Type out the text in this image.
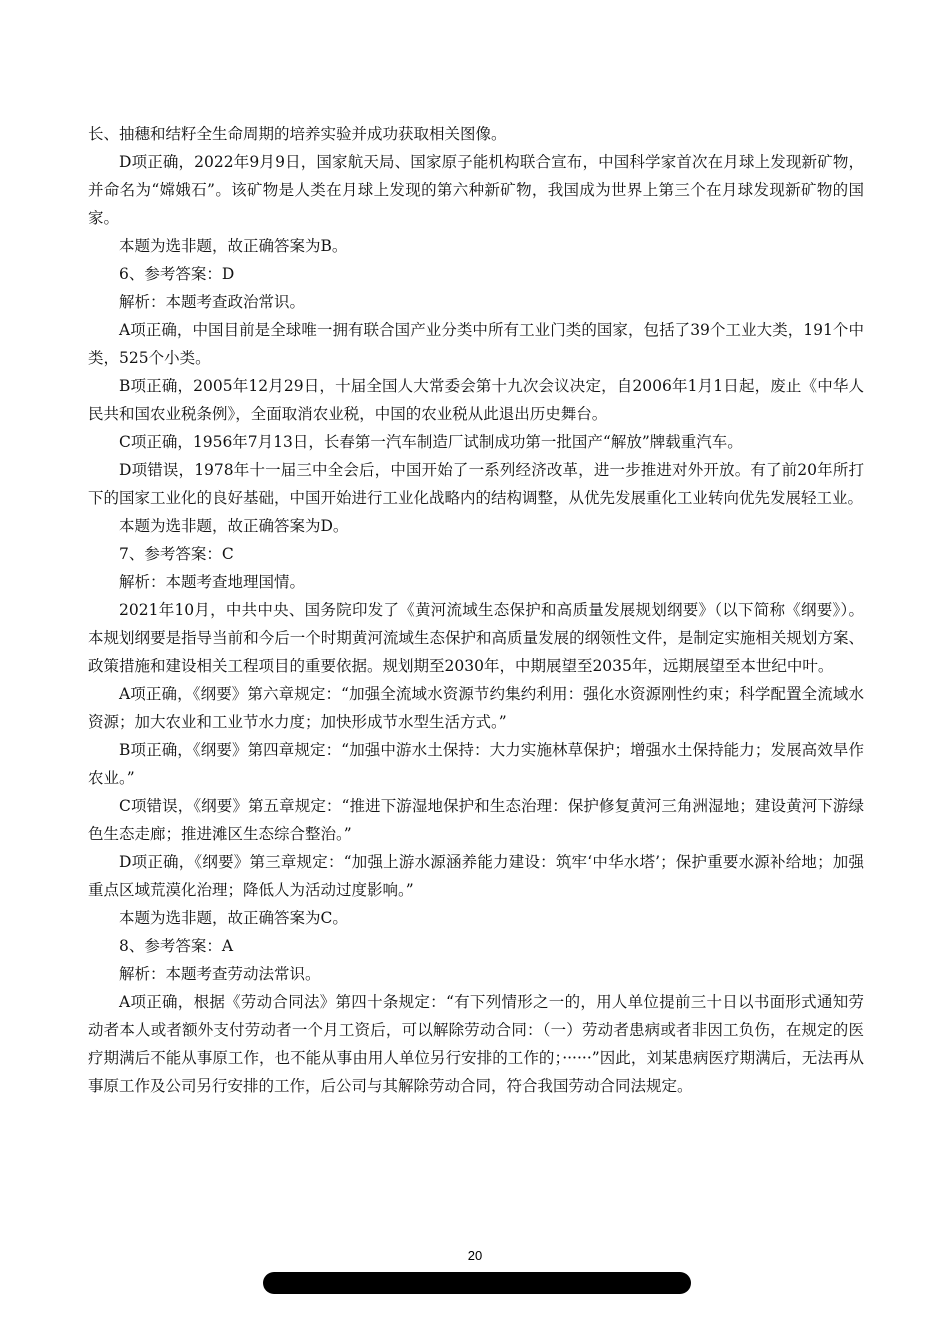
长、抽穗和结籽全生命周期的培养实验并成功获取相关图像。

D项正确，2022年9月9日，国家航天局、国家原子能机构联合宣布，中国科学家首次在月球上发现新矿物，并命名为“嫦娥石”。该矿物是人类在月球上发现的第六种新矿物，我国成为世界上第三个在月球发现新矿物的国家。

本题为选非题，故正确答案为B。

6、参考答案：D

解析：本题考查政治常识。

A项正确，中国目前是全球唯一拥有联合国产业分类中所有工业门类的国家，包括了39个工业大类，191个中类，525个小类。

B项正确，2005年12月29日，十届全国人大常委会第十九次会议决定，自2006年1月1日起，废止《中华人民共和国农业税条例》，全面取消农业税，中国的农业税从此退出历史舞台。

C项正确，1956年7月13日，长春第一汽车制造厂试制成功第一批国产“解放”牌载重汽车。

D项错误，1978年十一届三中全会后，中国开始了一系列经济改革，进一步推进对外开放。有了前20年所打下的国家工业化的良好基础，中国开始进行工业化战略内的结构调整，从优先发展重化工业转向优先发展轻工业。

本题为选非题，故正确答案为D。

7、参考答案：C

解析：本题考查地理国情。

2021年10月，中共中央、国务院印发了《黄河流域生态保护和高质量发展规划纲要》（以下简称《纲要》）。本规划纲要是指导当前和今后一个时期黄河流域生态保护和高质量发展的纲领性文件，是制定实施相关规划方案、政策措施和建设相关工程项目的重要依据。规划期至2030年，中期展望至2035年，远期展望至本世纪中叶。

A项正确，《纲要》第六章规定：“加强全流域水资源节约集约利用：强化水资源刚性约束；科学配置全流域水资源；加大农业和工业节水力度；加快形成节水型生活方式。”

B项正确，《纲要》第四章规定：“加强中游水土保持：大力实施林草保护；增强水土保持能力；发展高效旱作农业。”

C项错误，《纲要》第五章规定：“推进下游湿地保护和生态治理：保护修复黄河三角洲湿地；建设黄河下游绿色生态走廊；推进滩区生态综合整治。”

D项正确，《纲要》第三章规定：“加强上游水源涵养能力建设：筑牢‘中华水塔’；保护重要水源补给地；加强重点区域荒漠化治理；降低人为活动过度影响。”

本题为选非题，故正确答案为C。

8、参考答案：A

解析：本题考查劳动法常识。

A项正确，根据《劳动合同法》第四十条规定：“有下列情形之一的，用人单位提前三十日以书面形式通知劳动者本人或者额外支付劳动者一个月工资后，可以解除劳动合同：（一）劳动者患病或者非因工负伤，在规定的医疗期满后不能从事原工作，也不能从事由用人单位另行安排的工作的；······”因此，刘某患病医疗期满后，无法再从事原工作及公司另行安排的工作，后公司与其解除劳动合同，符合我国劳动合同法规定。

20
